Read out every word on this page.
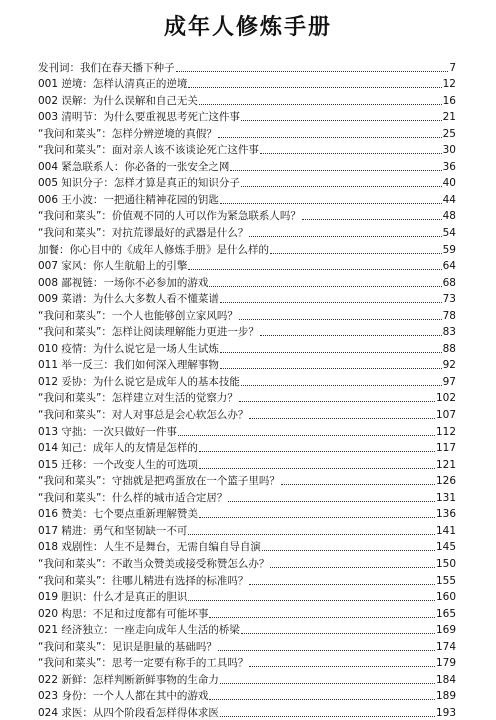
成年人修炼手册
发刊词：我们在春天播下种子	7
001 逆境：怎样认清真正的逆境	12
002 误解：为什么误解和自己无关	16
003 清明节：为什么要重视思考死亡这件事	21
“我问和菜头”：怎样分辨逆境的真假？	25
“我问和菜头”：面对亲人该不该谈论死亡这件事	30
004 紧急联系人：你必备的一张安全之网	36
005 知识分子：怎样才算是真正的知识分子	40
006 王小波：一把通往精神花园的钥匙	44
“我问和菜头”：价值观不同的人可以作为紧急联系人吗？	48
“我问和菜头”：对抗荒谬最好的武器是什么？	54
加餐：你心目中的《成年人修炼手册》是什么样的	59
007 家风：你人生航船上的引擎	64
008 鄙视链：一场你不必参加的游戏	68
009 菜谱：为什么大多数人看不懂菜谱	73
“我问和菜头”：一个人也能够创立家风吗？	78
“我问和菜头”：怎样让阅读理解能力更进一步？	83
010 疫情：为什么说它是一场人生试炼	88
011 举一反三：我们如何深入理解事物	92
012 妥协：为什么说它是成年人的基本技能	97
“我问和菜头”：怎样建立对生活的觉察力？	102
“我问和菜头”：对人对事总是会心软怎么办？	107
013 守拙：一次只做好一件事	112
014 知己：成年人的友情是怎样的	117
015 迁移：一个改变人生的可选项	121
“我问和菜头”：守拙就是把鸡蛋放在一个篮子里吗？	126
“我问和菜头”：什么样的城市适合定居？	131
016 赞美：七个要点重新理解赞美	136
017 精进：勇气和坚韧缺一不可	141
018 戏剧性：人生不是舞台，无需自编自导自演	145
“我问和菜头”：不敢当众赞美或接受称赞怎么办？	150
“我问和菜头”：往哪儿精进有选择的标准吗？	155
019 胆识：什么才是真正的胆识	160
020 构思：不足和过度都有可能坏事	165
021 经济独立：一座走向成年人生活的桥梁	169
“我问和菜头”：见识是胆量的基础吗？	174
“我问和菜头”：思考一定要有称手的工具吗？	179
022 新鲜：怎样判断新鲜事物的生命力	184
023 身份：一个人人都在其中的游戏	189
024 求医：从四个阶段看怎样得体求医	193
